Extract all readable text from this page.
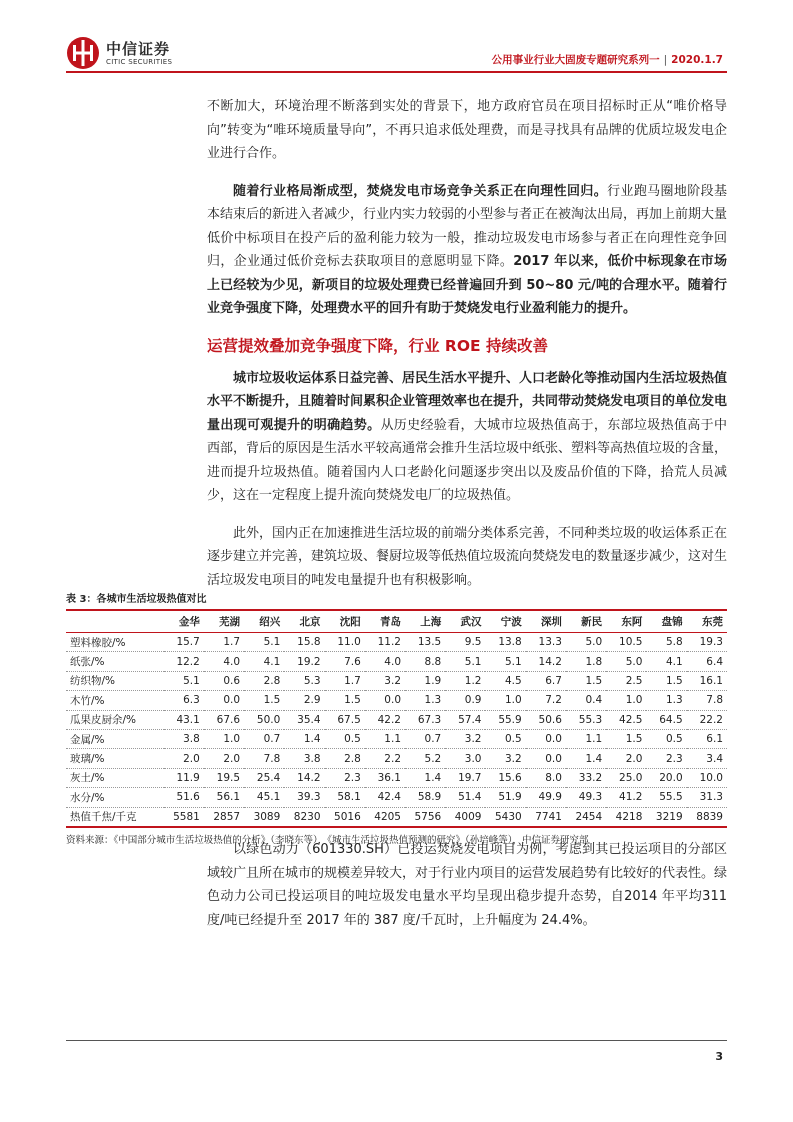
中信证券
CITIC SECURITIES	公用事业行业大固废专题研究系列一 | 2020.1.7

不断加大，环境治理不断落到实处的背景下，地方政府官员在项目招标时正从“唯价格导向”转变为“唯环境质量导向”，不再只追求低处理费，而是寻找具有品牌的优质垃圾发电企业进行合作。

随着行业格局渐成型，焚烧发电市场竞争关系正在向理性回归。行业跑马圈地阶段基本结束后的新进入者减少，行业内实力较弱的小型参与者正在被淘汰出局，再加上前期大量低价中标项目在投产后的盈利能力较为一般，推动垃圾发电市场参与者正在向理性竞争回归，企业通过低价竞标去获取项目的意愿明显下降。2017 年以来，低价中标现象在市场上已经较为少见，新项目的垃圾处理费已经普遍回升到 50~80 元/吨的合理水平。随着行业竞争强度下降，处理费水平的回升有助于焚烧发电行业盈利能力的提升。

运营提效叠加竞争强度下降，行业 ROE 持续改善

城市垃圾收运体系日益完善、居民生活水平提升、人口老龄化等推动国内生活垃圾热值水平不断提升，且随着时间累积企业管理效率也在提升，共同带动焚烧发电项目的单位发电量出现可观提升的明确趋势。从历史经验看，大城市垃圾热值高于，东部垃圾热值高于中西部，背后的原因是生活水平较高通常会推升生活垃圾中纸张、塑料等高热值垃圾的含量，进而提升垃圾热值。随着国内人口老龄化问题逐步突出以及废品价值的下降，拾荒人员减少，这在一定程度上提升流向焚烧发电厂的垃圾热值。

此外，国内正在加速推进生活垃圾的前端分类体系完善，不同种类垃圾的收运体系正在逐步建立并完善，建筑垃圾、餐厨垃圾等低热值垃圾流向焚烧发电的数量逐步减少，这对生活垃圾发电项目的吨发电量提升也有积极影响。

表 3：各城市生活垃圾热值对比
	金华	芜湖	绍兴	北京	沈阳	青岛	上海	武汉	宁波	深圳	新民	东阿	盘锦	东莞
塑料橡胶/%	15.7	1.7	5.1	15.8	11.0	11.2	13.5	9.5	13.8	13.3	5.0	10.5	5.8	19.3
纸张/%	12.2	4.0	4.1	19.2	7.6	4.0	8.8	5.1	5.1	14.2	1.8	5.0	4.1	6.4
纺织物/%	5.1	0.6	2.8	5.3	1.7	3.2	1.9	1.2	4.5	6.7	1.5	2.5	1.5	16.1
木竹/%	6.3	0.0	1.5	2.9	1.5	0.0	1.3	0.9	1.0	7.2	0.4	1.0	1.3	7.8
瓜果皮厨余/%	43.1	67.6	50.0	35.4	67.5	42.2	67.3	57.4	55.9	50.6	55.3	42.5	64.5	22.2
金属/%	3.8	1.0	0.7	1.4	0.5	1.1	0.7	3.2	0.5	0.0	1.1	1.5	0.5	6.1
玻璃/%	2.0	2.0	7.8	3.8	2.8	2.2	5.2	3.0	3.2	0.0	1.4	2.0	2.3	3.4
灰土/%	11.9	19.5	25.4	14.2	2.3	36.1	1.4	19.7	15.6	8.0	33.2	25.0	20.0	10.0
水分/%	51.6	56.1	45.1	39.3	58.1	42.4	58.9	51.4	51.9	49.9	49.3	41.2	55.5	31.3
热值千焦/千克	5581	2857	3089	8230	5016	4205	5756	4009	5430	7741	2454	4218	3219	8839
资料来源：《中国部分城市生活垃圾热值的分析》（李晓东等），《城市生活垃圾热值预测的研究》（孙培峰等），中信证券研究部

以绿色动力（601330.SH）已投运焚烧发电项目为例，考虑到其已投运项目的分部区域较广且所在城市的规模差异较大，对于行业内项目的运营发展趋势有比较好的代表性。绿色动力公司已投运项目的吨垃圾发电量水平均呈现出稳步提升态势，自2014 年平均311 度/吨已经提升至 2017 年的 387 度/千瓦时，上升幅度为 24.4%。

3
